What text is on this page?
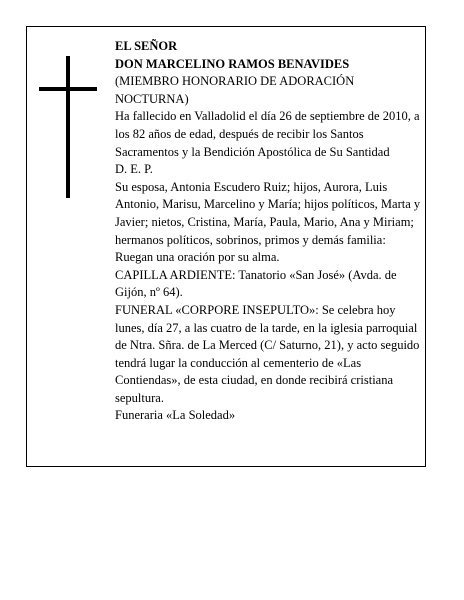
EL SEÑOR

DON MARCELINO RAMOS BENAVIDES

(MIEMBRO HONORARIO DE ADORACIÓN NOCTURNA)

Ha fallecido en Valladolid el día 26 de septiembre de 2010, a los 82 años de edad, después de recibir los Santos Sacramentos y la Bendición Apostólica de Su Santidad

D. E. P.

Su esposa, Antonia Escudero Ruiz; hijos, Aurora, Luis Antonio, Marisu, Marcelino y María; hijos políticos, Marta y Javier; nietos, Cristina, María, Paula, Mario, Ana y Miriam; hermanos políticos, sobrinos, primos y demás familia:

Ruegan una oración por su alma.

CAPILLA ARDIENTE: Tanatorio «San José» (Avda. de Gijón, nº 64).

FUNERAL «CORPORE INSEPULTO»: Se celebra hoy lunes, día 27, a las cuatro de la tarde, en la iglesia parroquial de Ntra. Sñra. de La Merced (C/ Saturno, 21), y acto seguido tendrá lugar la conducción al cementerio de «Las Contiendas», de esta ciudad, en donde recibirá cristiana sepultura.

Funeraria «La Soledad»
